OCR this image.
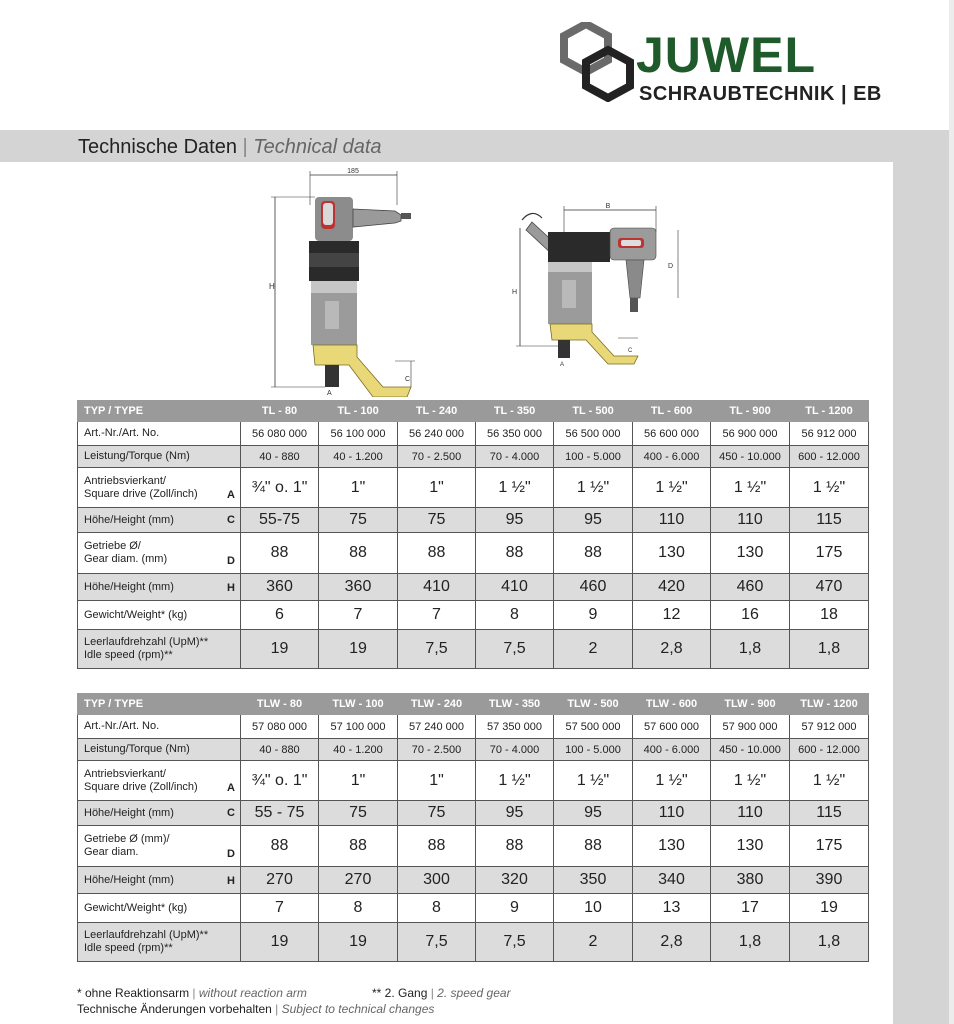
JUWEL
SCHRAUBTECHNIK | EB
Technische Daten | Technical data
185
H
A
C
B
D
H
A
C
TYP / TYPE	TL - 80	TL - 100	TL - 240	TL - 350	TL - 500	TL - 600	TL - 900	TL - 1200

Art.-Nr./Art. No.	56 080 000	56 100 000	56 240 000	56 350 000	56 500 000	56 600 000	56 900 000	56 912 000

Leistung/Torque (Nm)	40 - 880	40 - 1.200	70 - 2.500	70 - 4.000	100 - 5.000	400 - 6.000	450 - 10.000	600 - 12.000

Antriebsvierkant/
Square drive (Zoll/inch) A	¾" o. 1"	1"	1"	1 ½"	1 ½"	1 ½"	1 ½"	1 ½"

Höhe/Height (mm) C	55-75	75	75	95	95	110	110	115

Getriebe Ø/
Gear diam. (mm) D	88	88	88	88	88	130	130	175

Höhe/Height (mm) H	360	360	410	410	460	420	460	470

Gewicht/Weight* (kg)	6	7	7	8	9	12	16	18

Leerlaufdrehzahl (UpM)**
Idle speed (rpm)**	19	19	7,5	7,5	2	2,8	1,8	1,8
TYP / TYPE	TLW - 80	TLW - 100	TLW - 240	TLW - 350	TLW - 500	TLW - 600	TLW - 900	TLW - 1200

Art.-Nr./Art. No.	57 080 000	57 100 000	57 240 000	57 350 000	57 500 000	57 600 000	57 900 000	57 912 000

Leistung/Torque (Nm)	40 - 880	40 - 1.200	70 - 2.500	70 - 4.000	100 - 5.000	400 - 6.000	450 - 10.000	600 - 12.000

Antriebsvierkant/
Square drive (Zoll/inch) A	¾" o. 1"	1"	1"	1 ½"	1 ½"	1 ½"	1 ½"	1 ½"

Höhe/Height (mm) C	55 - 75	75	75	95	95	110	110	115

Getriebe Ø (mm)/
Gear diam. D	88	88	88	88	88	130	130	175

Höhe/Height (mm) H	270	270	300	320	350	340	380	390

Gewicht/Weight* (kg)	7	8	8	9	10	13	17	19

Leerlaufdrehzahl (UpM)**
Idle speed (rpm)**	19	19	7,5	7,5	2	2,8	1,8	1,8
* ohne Reaktionsarm | without reaction arm	** 2. Gang | 2. speed gear
Technische Änderungen vorbehalten | Subject to technical changes
